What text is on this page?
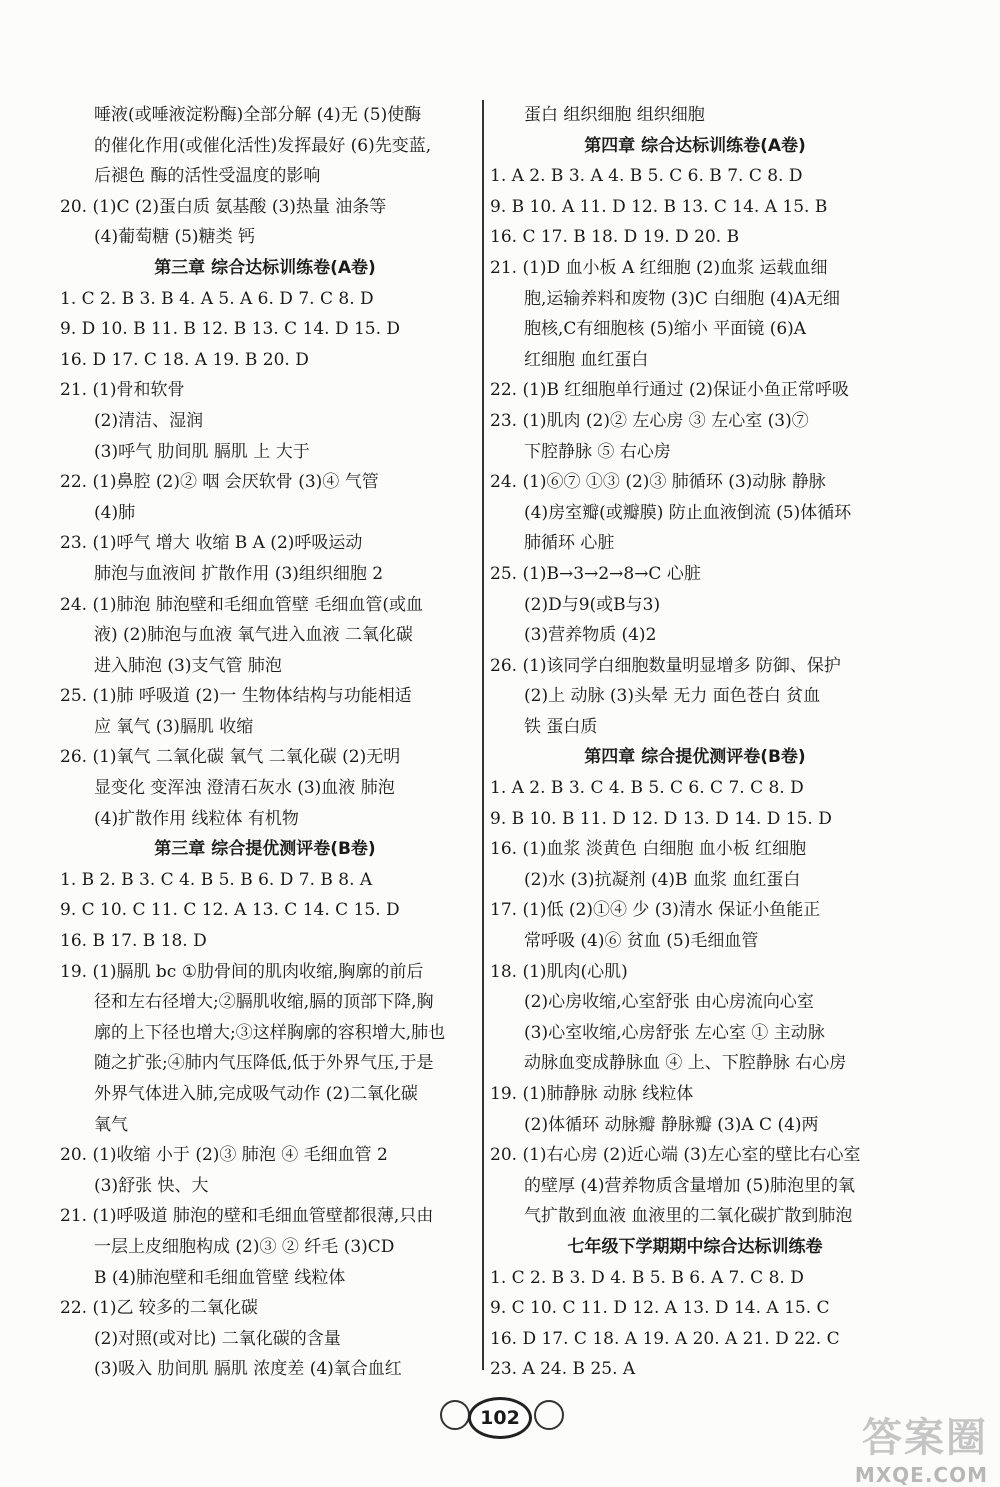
唾液(或唾液淀粉酶)全部分解 (4)无 (5)使酶
的催化作用(或催化活性)发挥最好 (6)先变蓝,
后褪色 酶的活性受温度的影响
20. (1)C (2)蛋白质 氨基酸 (3)热量 油条等
(4)葡萄糖 (5)糖类 钙
第三章 综合达标训练卷(A卷)
1. C 2. B 3. B 4. A 5. A 6. D 7. C 8. D
9. D 10. B 11. B 12. B 13. C 14. D 15. D
16. D 17. C 18. A 19. B 20. D
21. (1)骨和软骨
(2)清洁、湿润
(3)呼气 肋间肌 膈肌 上 大于
22. (1)鼻腔 (2)② 咽 会厌软骨 (3)④ 气管
(4)肺
23. (1)呼气 增大 收缩 B A (2)呼吸运动
肺泡与血液间 扩散作用 (3)组织细胞 2
24. (1)肺泡 肺泡壁和毛细血管壁 毛细血管(或血
液) (2)肺泡与血液 氧气进入血液 二氧化碳
进入肺泡 (3)支气管 肺泡
25. (1)肺 呼吸道 (2)一 生物体结构与功能相适
应 氧气 (3)膈肌 收缩
26. (1)氧气 二氧化碳 氧气 二氧化碳 (2)无明
显变化 变浑浊 澄清石灰水 (3)血液 肺泡
(4)扩散作用 线粒体 有机物
第三章 综合提优测评卷(B卷)
1. B 2. B 3. C 4. B 5. B 6. D 7. B 8. A
9. C 10. C 11. C 12. A 13. C 14. C 15. D
16. B 17. B 18. D
19. (1)膈肌 bc ①肋骨间的肌肉收缩,胸廓的前后
径和左右径增大;②膈肌收缩,膈的顶部下降,胸
廓的上下径也增大;③这样胸廓的容积增大,肺也
随之扩张;④肺内气压降低,低于外界气压,于是
外界气体进入肺,完成吸气动作 (2)二氧化碳
氧气
20. (1)收缩 小于 (2)③ 肺泡 ④ 毛细血管 2
(3)舒张 快、大
21. (1)呼吸道 肺泡的壁和毛细血管壁都很薄,只由
一层上皮细胞构成 (2)③ ② 纤毛 (3)CD
B (4)肺泡壁和毛细血管壁 线粒体
22. (1)乙 较多的二氧化碳
(2)对照(或对比) 二氧化碳的含量
(3)吸入 肋间肌 膈肌 浓度差 (4)氧合血红
蛋白 组织细胞 组织细胞
第四章 综合达标训练卷(A卷)
1. A 2. B 3. A 4. B 5. C 6. B 7. C 8. D
9. B 10. A 11. D 12. B 13. C 14. A 15. B
16. C 17. B 18. D 19. D 20. B
21. (1)D 血小板 A 红细胞 (2)血浆 运载血细
胞,运输养料和废物 (3)C 白细胞 (4)A无细
胞核,C有细胞核 (5)缩小 平面镜 (6)A
红细胞 血红蛋白
22. (1)B 红细胞单行通过 (2)保证小鱼正常呼吸
23. (1)肌肉 (2)② 左心房 ③ 左心室 (3)⑦
下腔静脉 ⑤ 右心房
24. (1)⑥⑦ ①③ (2)③ 肺循环 (3)动脉 静脉
(4)房室瓣(或瓣膜) 防止血液倒流 (5)体循环
肺循环 心脏
25. (1)B→3→2→8→C 心脏
(2)D与9(或B与3)
(3)营养物质 (4)2
26. (1)该同学白细胞数量明显增多 防御、保护
(2)上 动脉 (3)头晕 无力 面色苍白 贫血
铁 蛋白质
第四章 综合提优测评卷(B卷)
1. A 2. B 3. C 4. B 5. C 6. C 7. C 8. D
9. B 10. B 11. D 12. D 13. D 14. D 15. D
16. (1)血浆 淡黄色 白细胞 血小板 红细胞
(2)水 (3)抗凝剂 (4)B 血浆 血红蛋白
17. (1)低 (2)①④ 少 (3)清水 保证小鱼能正
常呼吸 (4)⑥ 贫血 (5)毛细血管
18. (1)肌肉(心肌)
(2)心房收缩,心室舒张 由心房流向心室
(3)心室收缩,心房舒张 左心室 ① 主动脉
动脉血变成静脉血 ④ 上、下腔静脉 右心房
19. (1)肺静脉 动脉 线粒体
(2)体循环 动脉瓣 静脉瓣 (3)A C (4)两
20. (1)右心房 (2)近心端 (3)左心室的壁比右心室
的壁厚 (4)营养物质含量增加 (5)肺泡里的氧
气扩散到血液 血液里的二氧化碳扩散到肺泡
七年级下学期期中综合达标训练卷
1. C 2. B 3. D 4. B 5. B 6. A 7. C 8. D
9. C 10. C 11. D 12. A 13. D 14. A 15. C
16. D 17. C 18. A 19. A 20. A 21. D 22. C
23. A 24. B 25. A
102	答案圈
MXQE.COM
